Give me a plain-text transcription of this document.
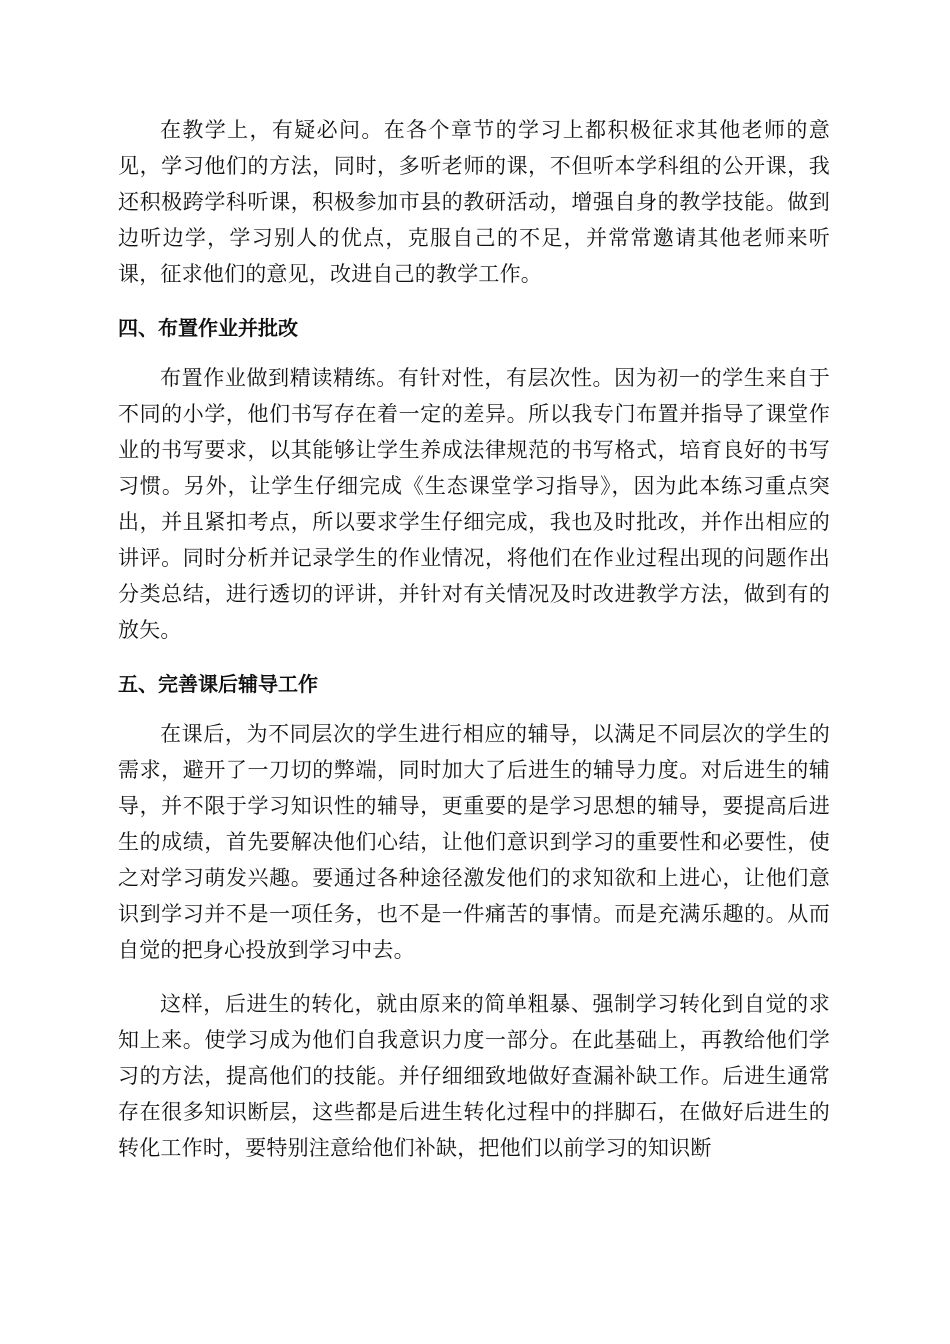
在教学上，有疑必问。在各个章节的学习上都积极征求其他老师的意见，学习他们的方法，同时，多听老师的课，不但听本学科组的公开课，我还积极跨学科听课，积极参加市县的教研活动，增强自身的教学技能。做到边听边学，学习别人的优点，克服自己的不足，并常常邀请其他老师来听课，征求他们的意见，改进自己的教学工作。

四、布置作业并批改

布置作业做到精读精练。有针对性，有层次性。因为初一的学生来自于不同的小学，他们书写存在着一定的差异。所以我专门布置并指导了课堂作业的书写要求，以其能够让学生养成法律规范的书写格式，培育良好的书写习惯。另外，让学生仔细完成《生态课堂学习指导》，因为此本练习重点突出，并且紧扣考点，所以要求学生仔细完成，我也及时批改，并作出相应的讲评。同时分析并记录学生的作业情况，将他们在作业过程出现的问题作出分类总结，进行透切的评讲，并针对有关情况及时改进教学方法，做到有的放矢。

五、完善课后辅导工作

在课后，为不同层次的学生进行相应的辅导，以满足不同层次的学生的需求，避开了一刀切的弊端，同时加大了后进生的辅导力度。对后进生的辅导，并不限于学习知识性的辅导，更重要的是学习思想的辅导，要提高后进生的成绩，首先要解决他们心结，让他们意识到学习的重要性和必要性，使之对学习萌发兴趣。要通过各种途径激发他们的求知欲和上进心，让他们意识到学习并不是一项任务，也不是一件痛苦的事情。而是充满乐趣的。从而自觉的把身心投放到学习中去。

这样，后进生的转化，就由原来的简单粗暴、强制学习转化到自觉的求知上来。使学习成为他们自我意识力度一部分。在此基础上，再教给他们学习的方法，提高他们的技能。并仔细细致地做好查漏补缺工作。后进生通常存在很多知识断层，这些都是后进生转化过程中的拌脚石，在做好后进生的转化工作时，要特别注意给他们补缺，把他们以前学习的知识断
